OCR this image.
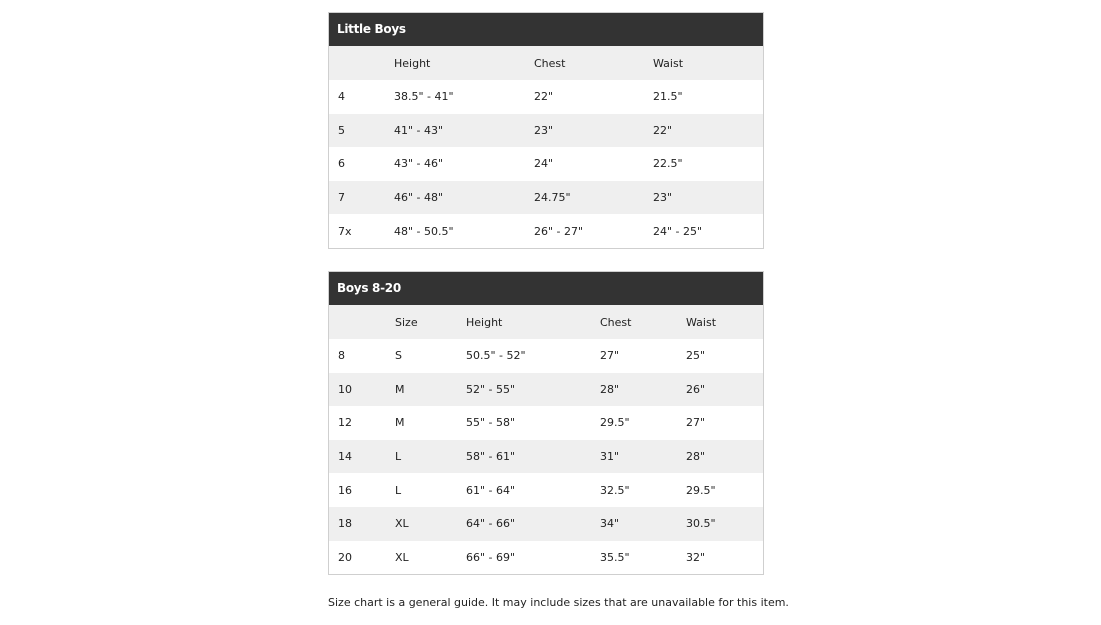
Little Boys
	Height	Chest	Waist
4	38.5" - 41"	22"	21.5"
5	41" - 43"	23"	22"
6	43" - 46"	24"	22.5"
7	46" - 48"	24.75"	23"
7x	48" - 50.5"	26" - 27"	24" - 25"
Boys 8-20
	Size	Height	Chest	Waist
8	S	50.5" - 52"	27"	25"
10	M	52" - 55"	28"	26"
12	M	55" - 58"	29.5"	27"
14	L	58" - 61"	31"	28"
16	L	61" - 64"	32.5"	29.5"
18	XL	64" - 66"	34"	30.5"
20	XL	66" - 69"	35.5"	32"
Size chart is a general guide. It may include sizes that are unavailable for this item.
